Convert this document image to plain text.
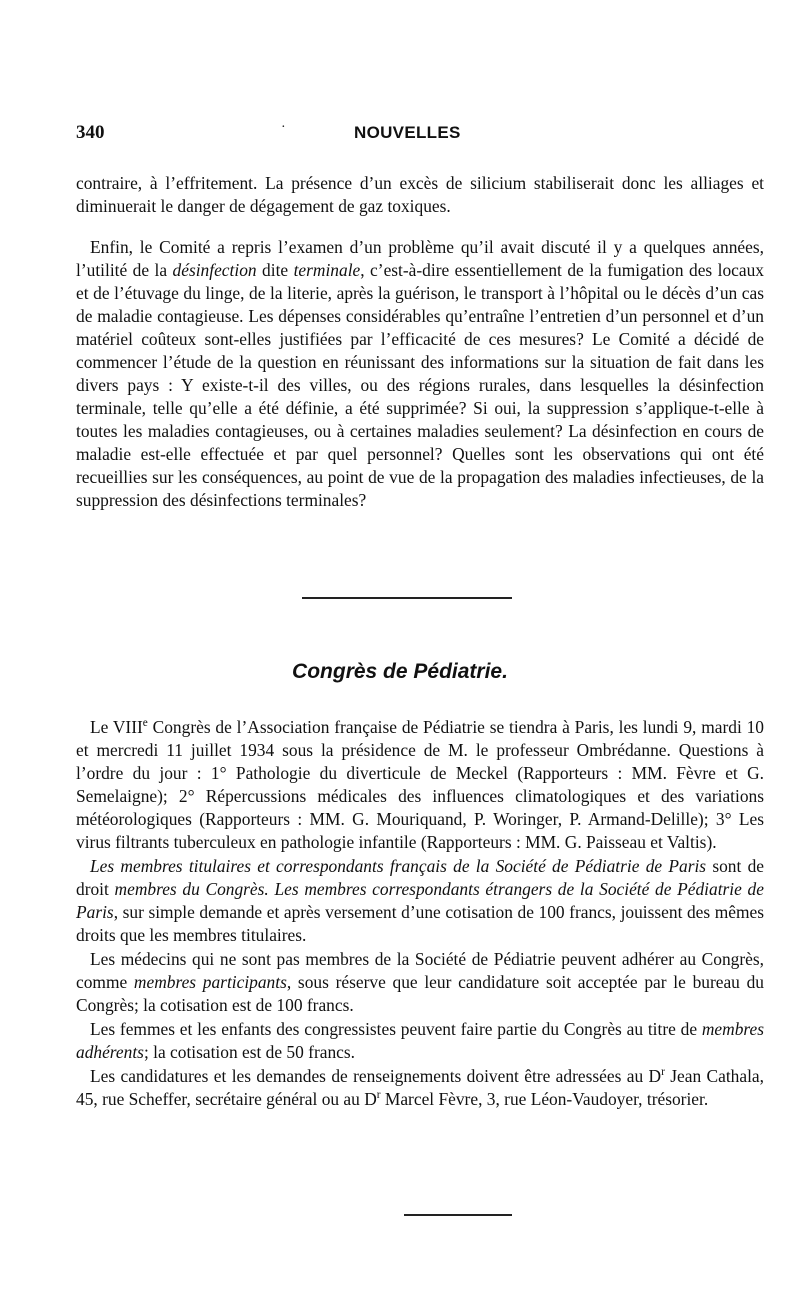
340	·	NOUVELLES

contraire, à l’effritement. La présence d’un excès de silicium stabiliserait donc les alliages et diminuerait le danger de dégagement de gaz toxiques.

Enfin, le Comité a repris l’examen d’un problème qu’il avait discuté il y a quelques années, l’utilité de la désinfection dite terminale, c’est-à-dire essentiellement de la fumigation des locaux et de l’étuvage du linge, de la literie, après la guérison, le transport à l’hôpital ou le décès d’un cas de maladie contagieuse. Les dépenses considérables qu’entraîne l’entretien d’un personnel et d’un matériel coûteux sont-elles justifiées par l’efficacité de ces mesures? Le Comité a décidé de commencer l’étude de la question en réunissant des informations sur la situation de fait dans les divers pays : Y existe-t-il des villes, ou des régions rurales, dans lesquelles la désinfection terminale, telle qu’elle a été définie, a été supprimée? Si oui, la suppression s’applique-t-elle à toutes les maladies contagieuses, ou à certaines maladies seulement? La désinfection en cours de maladie est-elle effectuée et par quel personnel? Quelles sont les observations qui ont été recueillies sur les conséquences, au point de vue de la propagation des maladies infectieuses, de la suppression des désinfections terminales?

Congrès de Pédiatrie.

Le VIIIe Congrès de l’Association française de Pédiatrie se tiendra à Paris, les lundi 9, mardi 10 et mercredi 11 juillet 1934 sous la présidence de M. le professeur Ombrédanne. Questions à l’ordre du jour : 1° Pathologie du diverticule de Meckel (Rapporteurs : MM. Fèvre et G. Semelaigne); 2° Répercussions médicales des influences climatologiques et des variations météorologiques (Rapporteurs : MM. G. Mouriquand, P. Woringer, P. Armand-Delille); 3° Les virus filtrants tuberculeux en pathologie infantile (Rapporteurs : MM. G. Paisseau et Valtis).

Les membres titulaires et correspondants français de la Société de Pédiatrie de Paris sont de droit membres du Congrès. Les membres correspondants étrangers de la Société de Pédiatrie de Paris, sur simple demande et après versement d’une cotisation de 100 francs, jouissent des mêmes droits que les membres titulaires.

Les médecins qui ne sont pas membres de la Société de Pédiatrie peuvent adhérer au Congrès, comme membres participants, sous réserve que leur candidature soit acceptée par le bureau du Congrès; la cotisation est de 100 francs.

Les femmes et les enfants des congressistes peuvent faire partie du Congrès au titre de membres adhérents; la cotisation est de 50 francs.

Les candidatures et les demandes de renseignements doivent être adressées au $D^r$ Jean Cathala, 45, rue Scheffer, secrétaire général ou au $D^r$ Marcel Fèvre, 3, rue Léon-Vaudoyer, trésorier.
